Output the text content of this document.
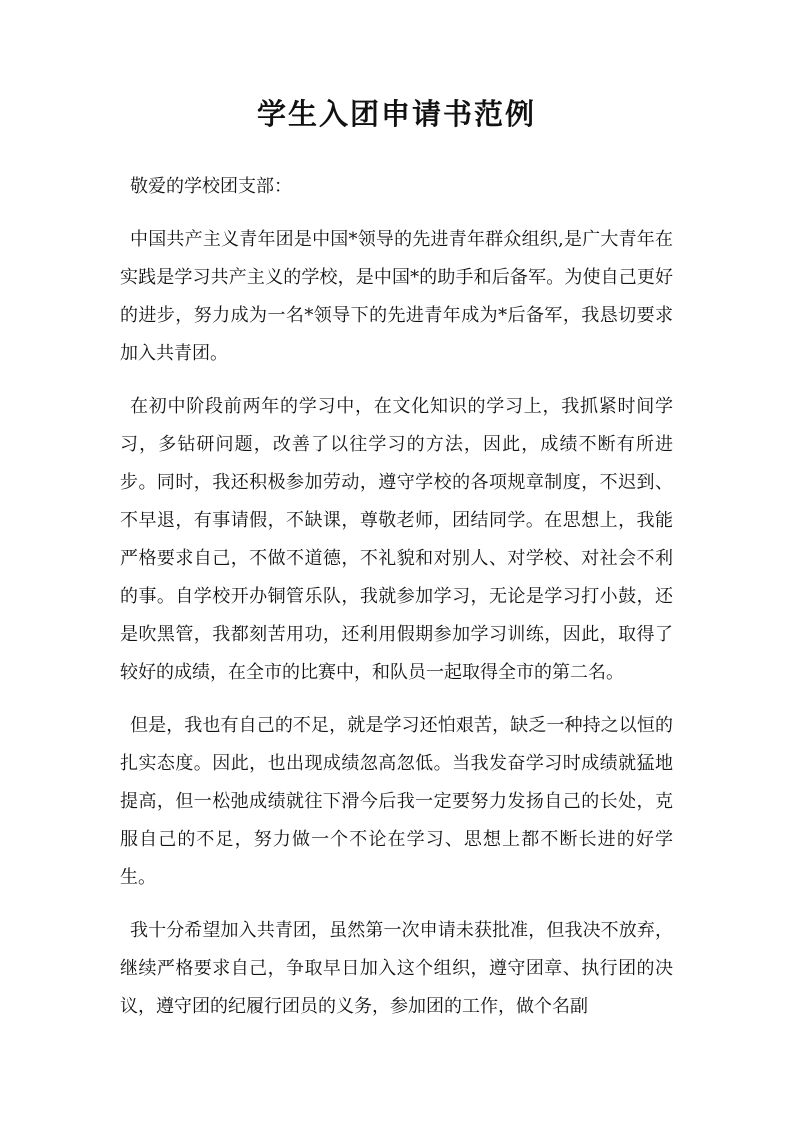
学生入团申请书范例

敬爱的学校团支部：

中国共产主义青年团是中国*领导的先进青年群众组织,是广大青年在实践是学习共产主义的学校，是中国*的助手和后备军。为使自己更好的进步，努力成为一名*领导下的先进青年成为*后备军，我恳切要求加入共青团。

在初中阶段前两年的学习中，在文化知识的学习上，我抓紧时间学习，多钻研问题，改善了以往学习的方法，因此，成绩不断有所进步。同时，我还积极参加劳动，遵守学校的各项规章制度，不迟到、不早退，有事请假，不缺课，尊敬老师，团结同学。在思想上，我能严格要求自己，不做不道德，不礼貌和对别人、对学校、对社会不利的事。自学校开办铜管乐队，我就参加学习，无论是学习打小鼓，还是吹黑管，我都刻苦用功，还利用假期参加学习训练，因此，取得了较好的成绩，在全市的比赛中，和队员一起取得全市的第二名。

但是，我也有自己的不足，就是学习还怕艰苦，缺乏一种持之以恒的扎实态度。因此，也出现成绩忽高忽低。当我发奋学习时成绩就猛地提高，但一松弛成绩就往下滑今后我一定要努力发扬自己的长处，克服自己的不足，努力做一个不论在学习、思想上都不断长进的好学生。

我十分希望加入共青团，虽然第一次申请未获批准，但我决不放弃，继续严格要求自己，争取早日加入这个组织，遵守团章、执行团的决议，遵守团的纪履行团员的义务，参加团的工作，做个名副
